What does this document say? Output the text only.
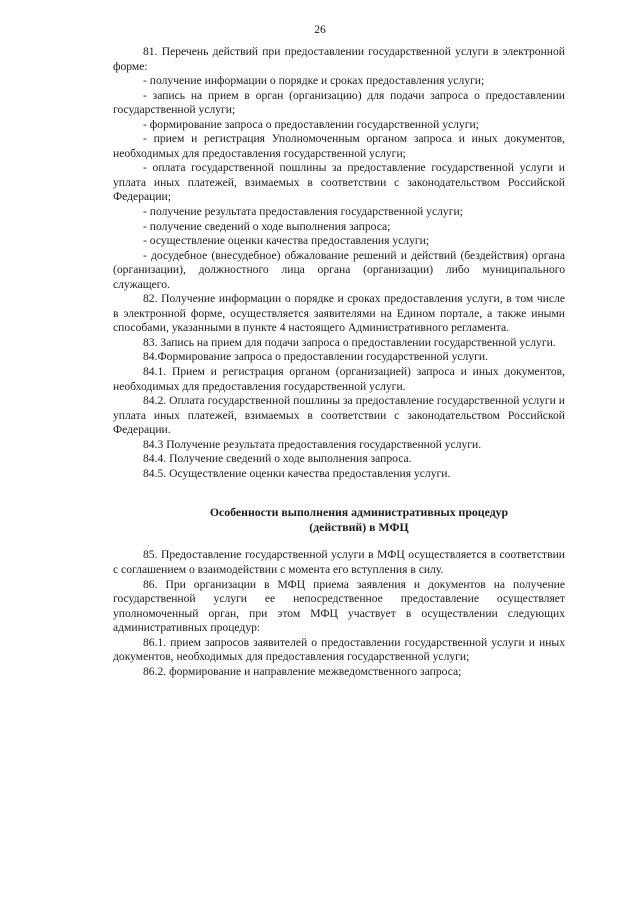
26

81. Перечень действий при предоставлении государственной услуги в электронной форме:

- получение информации о порядке и сроках предоставления услуги;

- запись на прием в орган (организацию) для подачи запроса о предоставлении государственной услуги;

- формирование запроса о предоставлении государственной услуги;

- прием и регистрация Уполномоченным органом запроса и иных документов, необходимых для предоставления государственной услуги;

- оплата государственной пошлины за предоставление государственной услуги и уплата иных платежей, взимаемых в соответствии с законодательством Российской Федерации;

- получение результата предоставления государственной услуги;

- получение сведений о ходе выполнения запроса;

- осуществление оценки качества предоставления услуги;

- досудебное (внесудебное) обжалование решений и действий (бездействия) органа (организации), должностного лица органа (организации) либо муниципального служащего.

82. Получение информации о порядке и сроках предоставления услуги, в том числе в электронной форме, осуществляется заявителями на Едином портале, а также иными способами, указанными в пункте 4 настоящего Административного регламента.

83. Запись на прием для подачи запроса о предоставлении государственной услуги.

84.Формирование запроса о предоставлении государственной услуги.

84.1. Прием и регистрация органом (организацией) запроса и иных документов, необходимых для предоставления государственной услуги.

84.2. Оплата государственной пошлины за предоставление государственной услуги и уплата иных платежей, взимаемых в соответствии с законодательством Российской Федерации.

84.3 Получение результата предоставления государственной услуги.

84.4. Получение сведений о ходе выполнения запроса.

84.5. Осуществление оценки качества предоставления услуги.

Особенности выполнения административных процедур
(действий) в МФЦ

85. Предоставление государственной услуги в МФЦ осуществляется в соответствии с соглашением о взаимодействии с момента его вступления в силу.

86. При организации в МФЦ приема заявления и документов на получение государственной услуги ее непосредственное предоставление осуществляет уполномоченный орган, при этом МФЦ участвует в осуществлении следующих административных процедур:

86.1. прием запросов заявителей о предоставлении государственной услуги и иных документов, необходимых для предоставления государственной услуги;

86.2. формирование и направление межведомственного запроса;
